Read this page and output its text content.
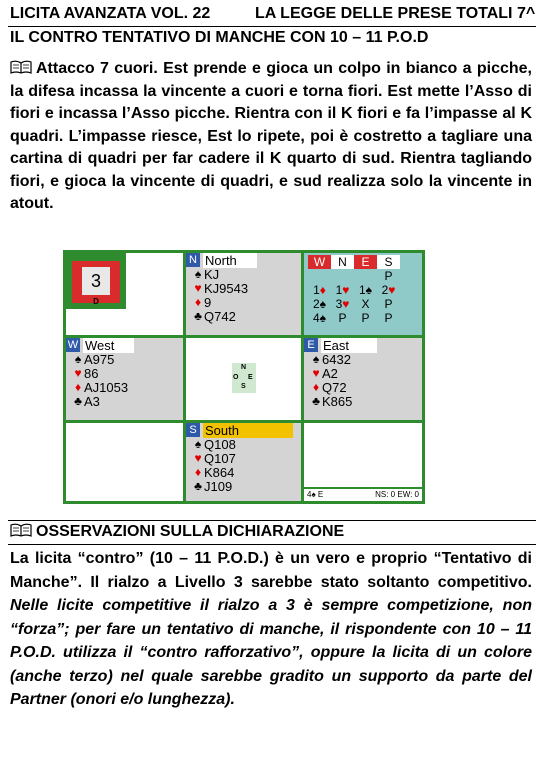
LICITA AVANZATA VOL. 22	LA LEGGE DELLE PRESE TOTALI 7^
IL CONTRO TENTATIVO DI MANCHE CON 10 – 11 P.O.D
Attacco 7 cuori. Est prende e gioca un colpo in bianco a picche, la difesa incassa la vincente a cuori e torna fiori. Est mette l’Asso di fiori e incassa l’Asso picche. Rientra con il K fiori e fa l’impasse al K quadri. L’impasse riesce, Est lo ripete, poi è costretto a tagliare una cartina di quadri per far cadere il K quarto di sud. Rientra tagliando fiori, e gioca la vincente di quadri, e sud realizza solo la vincente in atout.
3
D
N North
♠ KJ
♥ KJ9543
♦ 9
♣ Q742
W	N	E	S
			P
1♦	1♥	1♠	2♥
2♠	3♥	X	P
4♠	P	P	P
W West
♠ A975
♥ 86
♦ AJ1053
♣ A3
N
O E
S
E East
♠ 6432
♥ A2
♦ Q72
♣ K865
S South
♠ Q108
♥ Q107
♦ K864
♣ J109
4♠ E	NS: 0 EW: 0
OSSERVAZIONI SULLA DICHIARAZIONE
La licita “contro” (10 – 11 P.O.D.) è un vero e proprio “Tentativo di Manche”. Il rialzo a Livello 3 sarebbe stato soltanto competitivo. Nelle licite competitive il rialzo a 3 è sempre competizione, non “forza”; per fare un tentativo di manche, il rispondente con 10 – 11 P.O.D. utilizza il “contro rafforzativo”, oppure la licita di un colore (anche terzo) nel quale sarebbe gradito un supporto da parte del Partner (onori e/o lunghezza).
